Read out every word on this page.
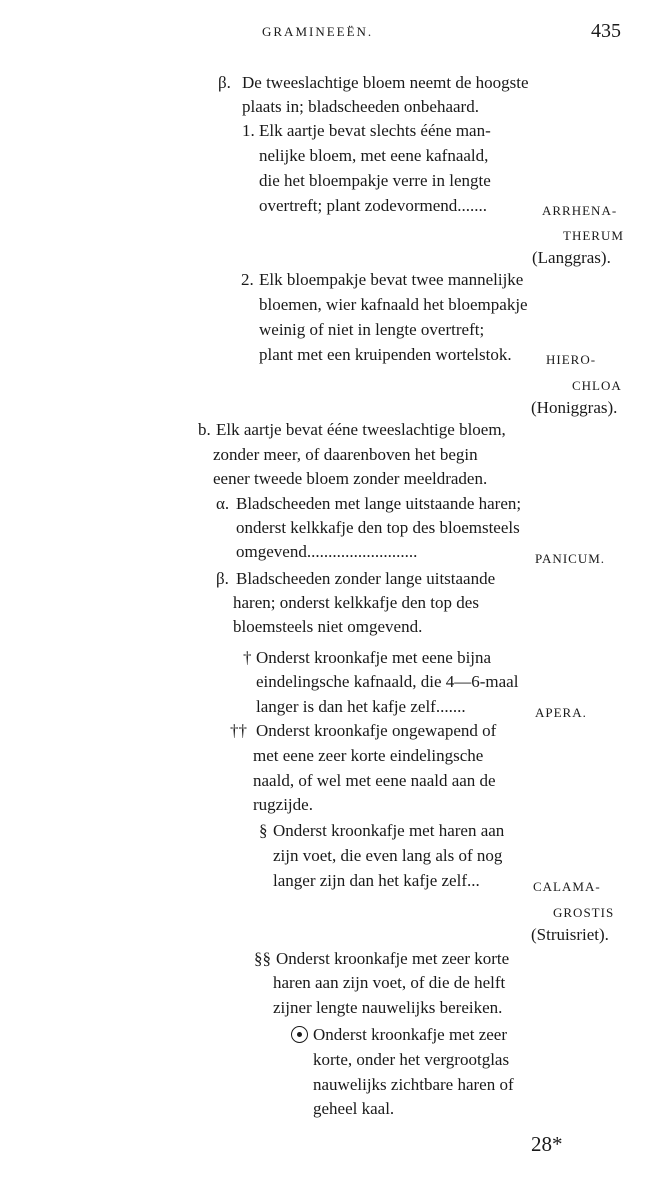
GRAMINEEËN.	435
β. De tweeslachtige bloem neemt de hoogste
plaats in; bladscheeden onbehaard.
1. Elk aartje bevat slechts ééne man-
nelijke bloem, met eene kafnaald,
die het bloempakje verre in lengte
overtreft; plant zodevormend.......	ARRHENA-
THERUM
(Langgras).
2. Elk bloempakje bevat twee mannelijke
bloemen, wier kafnaald het bloempakje
weinig of niet in lengte overtreft;
plant met een kruipenden wortelstok.	HIERO-
CHLOA
(Honiggras).
b. Elk aartje bevat ééne tweeslachtige bloem,
zonder meer, of daarenboven het begin
eener tweede bloem zonder meeldraden.
α. Bladscheeden met lange uitstaande haren;
onderst kelkkafje den top des bloemsteels
omgevend..........................	PANICUM.
β. Bladscheeden zonder lange uitstaande
haren; onderst kelkkafje den top des
bloemsteels niet omgevend.
† Onderst kroonkafje met eene bijna
eindelingsche kafnaald, die 4—6-maal
langer is dan het kafje zelf.......	APERA.
†† Onderst kroonkafje ongewapend of
met eene zeer korte eindelingsche
naald, of wel met eene naald aan de
rugzijde.
§ Onderst kroonkafje met haren aan
zijn voet, die even lang als of nog
langer zijn dan het kafje zelf...	CALAMA-
GROSTIS
(Struisriet).
§§ Onderst kroonkafje met zeer korte
haren aan zijn voet, of die de helft
zijner lengte nauwelijks bereiken.
Onderst kroonkafje met zeer
korte, onder het vergrootglas
nauwelijks zichtbare haren of
geheel kaal.
28*
